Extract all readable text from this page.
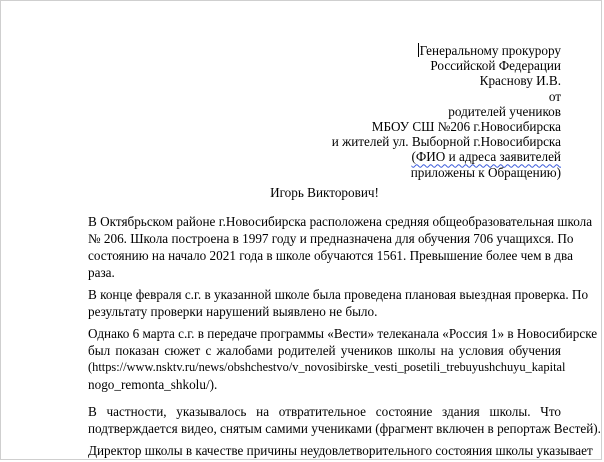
Генеральному прокурору
Российской Федерации
Краснову И.В.
от
родителей учеников
МБОУ СШ №206 г.Новосибирска
и жителей ул. Выборной г.Новосибирска
(ФИО и адреса заявителей
приложены к Обращению)
Игорь Викторович!
В Октябрьском районе г.Новосибирска расположена средняя общеобразовательная школа
№ 206. Школа построена в 1997 году и предназначена для обучения 706 учащихся. По
состоянию на начало 2021 года в школе обучаются 1561. Превышение более чем в два
раза.
В конце февраля с.г. в указанной школе была проведена плановая выездная проверка. По
результату проверки нарушений выявлено не было.
Однако 6 марта с.г. в передаче программы «Вести» телеканала «Россия 1» в Новосибирске
был показан сюжет с жалобами родителей учеников школы на условия обучения
(https://www.nsktv.ru/news/obshchestvo/v_novosibirske_vesti_posetili_trebuyushchuyu_kapital
nogo_remonta_shkolu/).
В частности, указывалось на отвратительное состояние здания школы. Что
подтверждается видео, снятым самими учениками (фрагмент включен в репортаж Вестей).
Директор школы в качестве причины неудовлетворительного состояния школы указывает
